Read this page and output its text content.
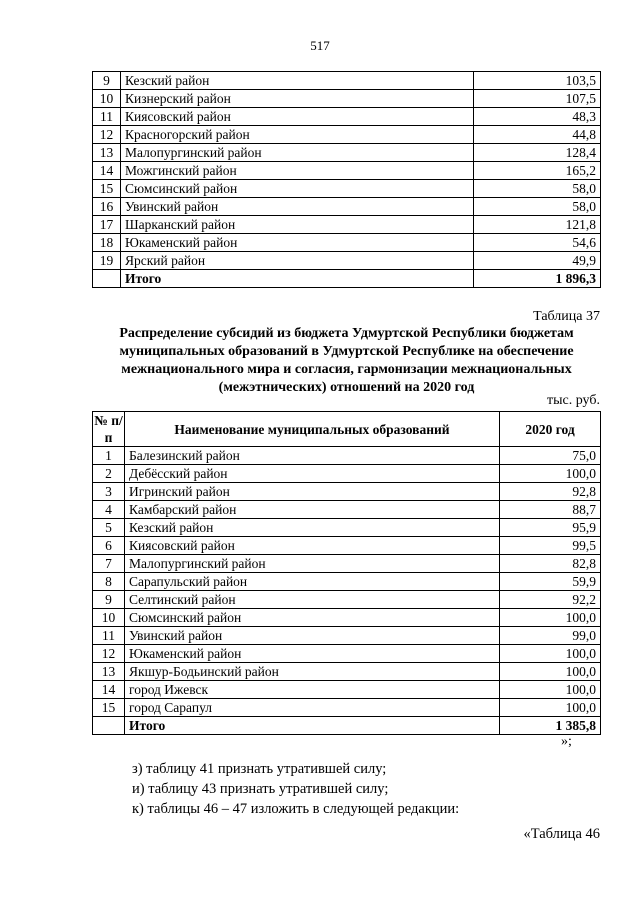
517
9	Кезский район	103,5
10	Кизнерский район	107,5
11	Киясовский район	48,3
12	Красногорский район	44,8
13	Малопургинский район	128,4
14	Можгинский район	165,2
15	Сюмсинский район	58,0
16	Увинский район	58,0
17	Шарканский район	121,8
18	Юкаменский район	54,6
19	Ярский район	49,9
	Итого	1 896,3
Таблица 37
Распределение субсидий из бюджета Удмуртской Республики бюджетам муниципальных образований в Удмуртской Республике на обеспечение межнационального мира и согласия, гармонизации межнациональных (межэтнических) отношений на 2020 год
тыс. руб.
№ п/п	Наименование муниципальных образований	2020 год
1	Балезинский район	75,0
2	Дебёсский район	100,0
3	Игринский район	92,8
4	Камбарский район	88,7
5	Кезский район	95,9
6	Киясовский район	99,5
7	Малопургинский район	82,8
8	Сарапульский район	59,9
9	Селтинский район	92,2
10	Сюмсинский район	100,0
11	Увинский район	99,0
12	Юкаменский район	100,0
13	Якшур-Бодьинский район	100,0
14	город Ижевск	100,0
15	город Сарапул	100,0
	Итого	1 385,8
»;
з) таблицу 41 признать утратившей силу;
и) таблицу 43 признать утратившей силу;
к) таблицы 46 – 47 изложить в следующей редакции:
«Таблица 46
